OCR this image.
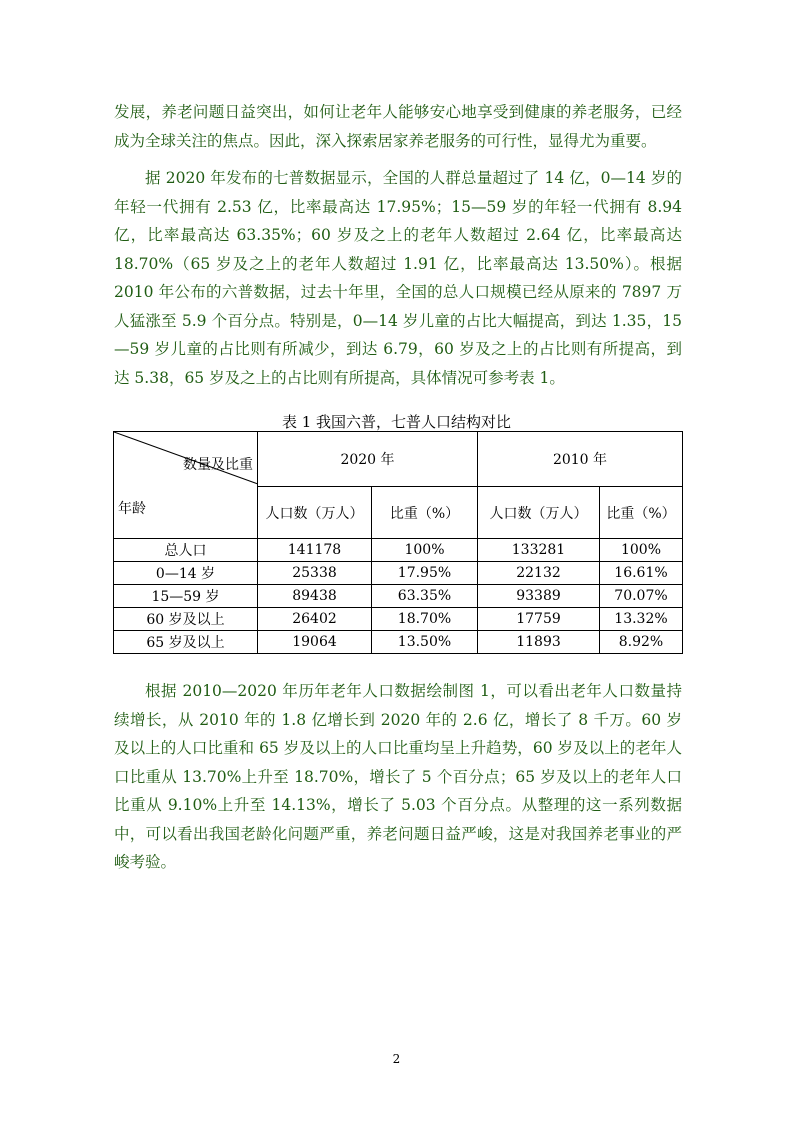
发展，养老问题日益突出，如何让老年人能够安心地享受到健康的养老服务，已经成为全球关注的焦点。因此，深入探索居家养老服务的可行性，显得尤为重要。

据 2020 年发布的七普数据显示，全国的人群总量超过了 14 亿，0—14 岁的年轻一代拥有 2.53 亿，比率最高达 17.95%；15—59 岁的年轻一代拥有 8.94 亿，比率最高达 63.35%；60 岁及之上的老年人数超过 2.64 亿，比率最高达 18.70%（65 岁及之上的老年人数超过 1.91 亿，比率最高达 13.50%）。根据 2010 年公布的六普数据，过去十年里，全国的总人口规模已经从原来的 7897 万人猛涨至 5.9 个百分点。特别是，0—14 岁儿童的占比大幅提高，到达 1.35，15—59 岁儿童的占比则有所减少，到达 6.79，60 岁及之上的占比则有所提高，到达 5.38，65 岁及之上的占比则有所提高，具体情况可参考表 1。

表 1 我国六普，七普人口结构对比

数量及比重
年龄	2020 年		2010 年	
	人口数（万人）	比重（%）	人口数（万人）	比重（%）
总人口	141178	100%	133281	100%
0—14 岁	25338	17.95%	22132	16.61%
15—59 岁	89438	63.35%	93389	70.07%
60 岁及以上	26402	18.70%	17759	13.32%
65 岁及以上	19064	13.50%	11893	8.92%

根据 2010—2020 年历年老年人口数据绘制图 1，可以看出老年人口数量持续增长，从 2010 年的 1.8 亿增长到 2020 年的 2.6 亿，增长了 8 千万。60 岁及以上的人口比重和 65 岁及以上的人口比重均呈上升趋势，60 岁及以上的老年人口比重从 13.70%上升至 18.70%，增长了 5 个百分点；65 岁及以上的老年人口比重从 9.10%上升至 14.13%，增长了 5.03 个百分点。从整理的这一系列数据中，可以看出我国老龄化问题严重，养老问题日益严峻，这是对我国养老事业的严峻考验。

2
